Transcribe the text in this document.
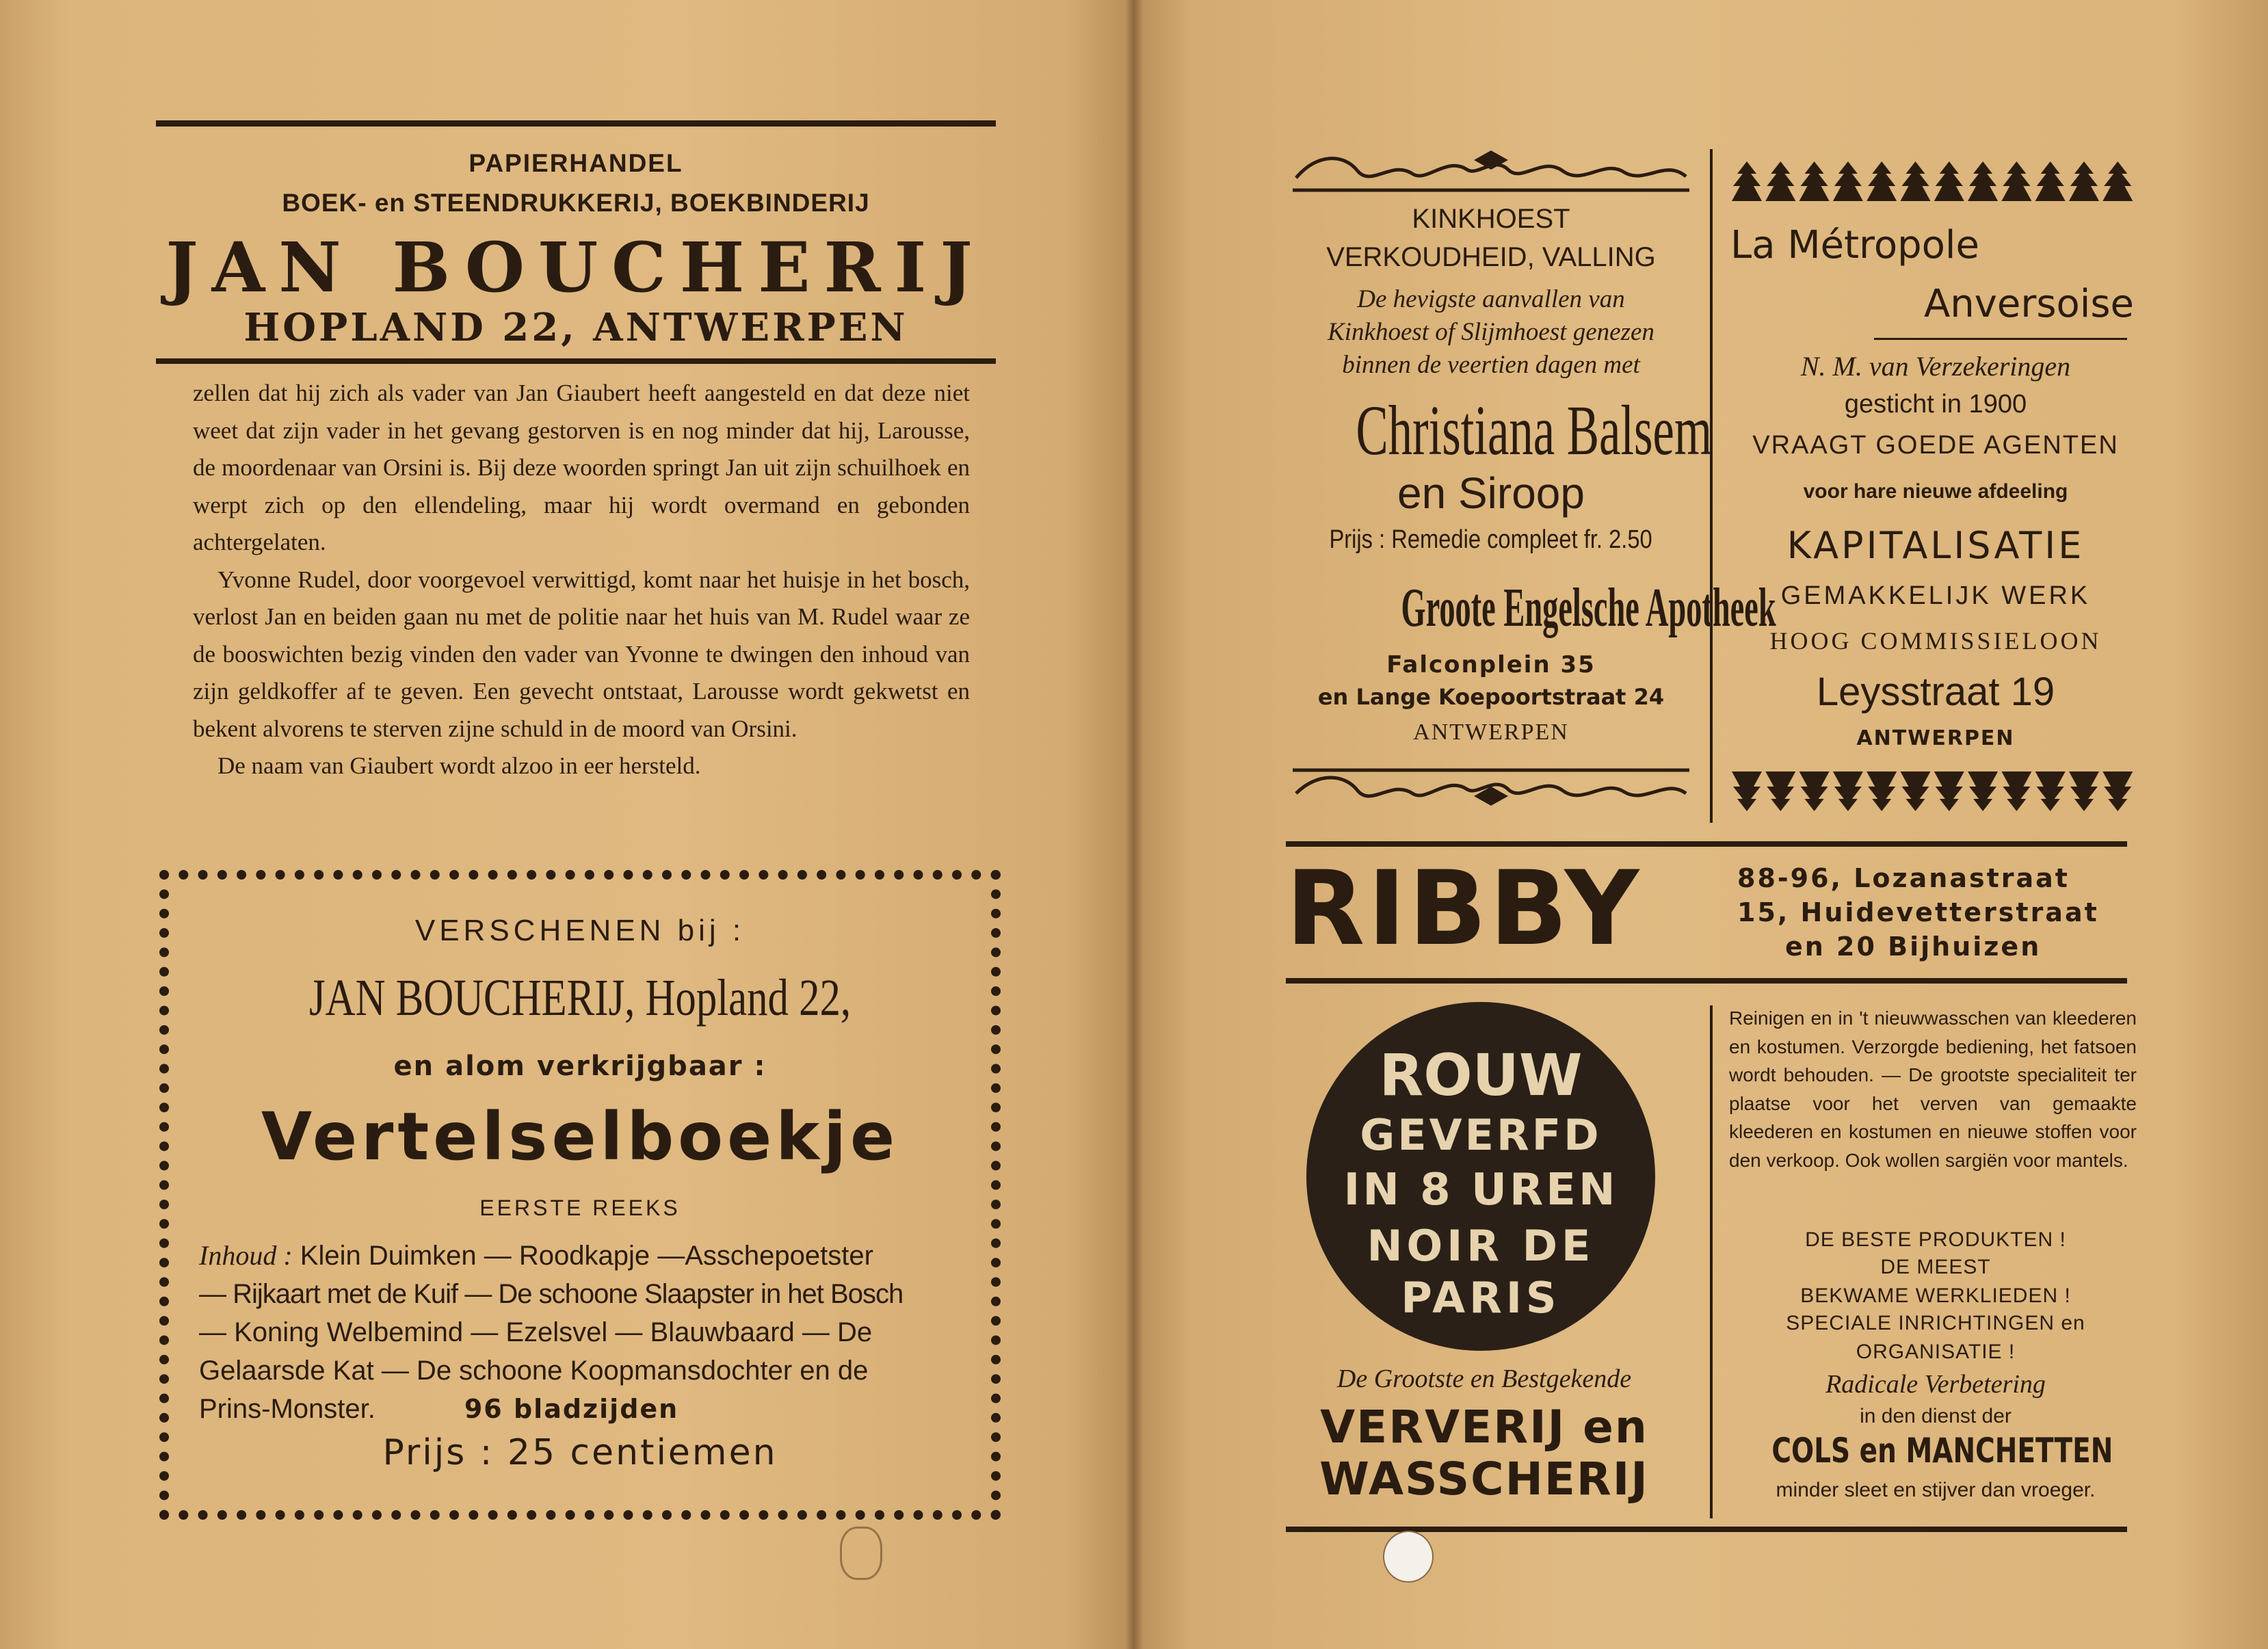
PAPIERHANDEL
BOEK- en STEENDRUKKERIJ, BOEKBINDERIJ
JAN BOUCHERIJ
HOPLAND 22, ANTWERPEN

zellen dat hij zich als vader van Jan Giaubert heeft aangesteld en dat deze niet weet dat zijn vader in het gevang gestorven is en nog minder dat hij, Larousse, de moordenaar van Orsini is. Bij deze woorden springt Jan uit zijn schuilhoek en werpt zich op den ellendeling, maar hij wordt overmand en gebonden achtergelaten.

Yvonne Rudel, door voorgevoel verwittigd, komt naar het huisje in het bosch, verlost Jan en beiden gaan nu met de politie naar het huis van M. Rudel waar ze de booswichten bezig vinden den vader van Yvonne te dwingen den inhoud van zijn geldkoffer af te geven. Een gevecht ontstaat, Larousse wordt gekwetst en bekent alvorens te sterven zijne schuld in de moord van Orsini.

De naam van Giaubert wordt alzoo in eer hersteld.

VERSCHENEN bij :
JAN BOUCHERIJ, Hopland 22,
en alom verkrijgbaar :
Vertelselboekje
EERSTE REEKS
Inhoud : Klein Duimken — Roodkapje —Asschepoetster
— Rijkaart met de Kuif — De schoone Slaapster in het Bosch
— Koning Welbemind — Ezelsvel — Blauwbaard — De
Gelaarsde Kat — De schoone Koopmansdochter en de
Prins-Monster.	96 bladzijden
Prijs : 25 centiemen
KINKHOEST
VERKOUDHEID, VALLING
De hevigste aanvallen van
Kinkhoest of Slijmhoest genezen
binnen de veertien dagen met
Christiana Balsem
en Siroop
Prijs : Remedie compleet fr. 2.50
Groote Engelsche Apotheek
Falconplein 35
en Lange Koepoortstraat 24
ANTWERPEN
La Métropole
Anversoise
N. M. van Verzekeringen
gesticht in 1900
VRAAGT GOEDE AGENTEN
voor hare nieuwe afdeeling
KAPITALISATIE
GEMAKKELIJK WERK
HOOG COMMISSIELOON
Leysstraat 19
ANTWERPEN
RIBBY	88-96, Lozanastraat
15, Huidevetterstraat
en 20 Bijhuizen
ROUW
GEVERFD
IN 8 UREN
NOIR DE
PARIS
De Grootste en Bestgekende
VERVERIJ en
WASSCHERIJ
Reinigen en in 't nieuwwasschen van kleederen en kostumen. Verzorgde bediening, het fatsoen wordt behouden. — De grootste specialiteit ter plaatse voor het verven van gemaakte kleederen en kostumen en nieuwe stoffen voor den verkoop. Ook wollen sargiën voor mantels.
DE BESTE PRODUKTEN !
DE MEEST
BEKWAME WERKLIEDEN !
SPECIALE INRICHTINGEN en
ORGANISATIE !
Radicale Verbetering
in den dienst der
COLS en MANCHETTEN
minder sleet en stijver dan vroeger.
